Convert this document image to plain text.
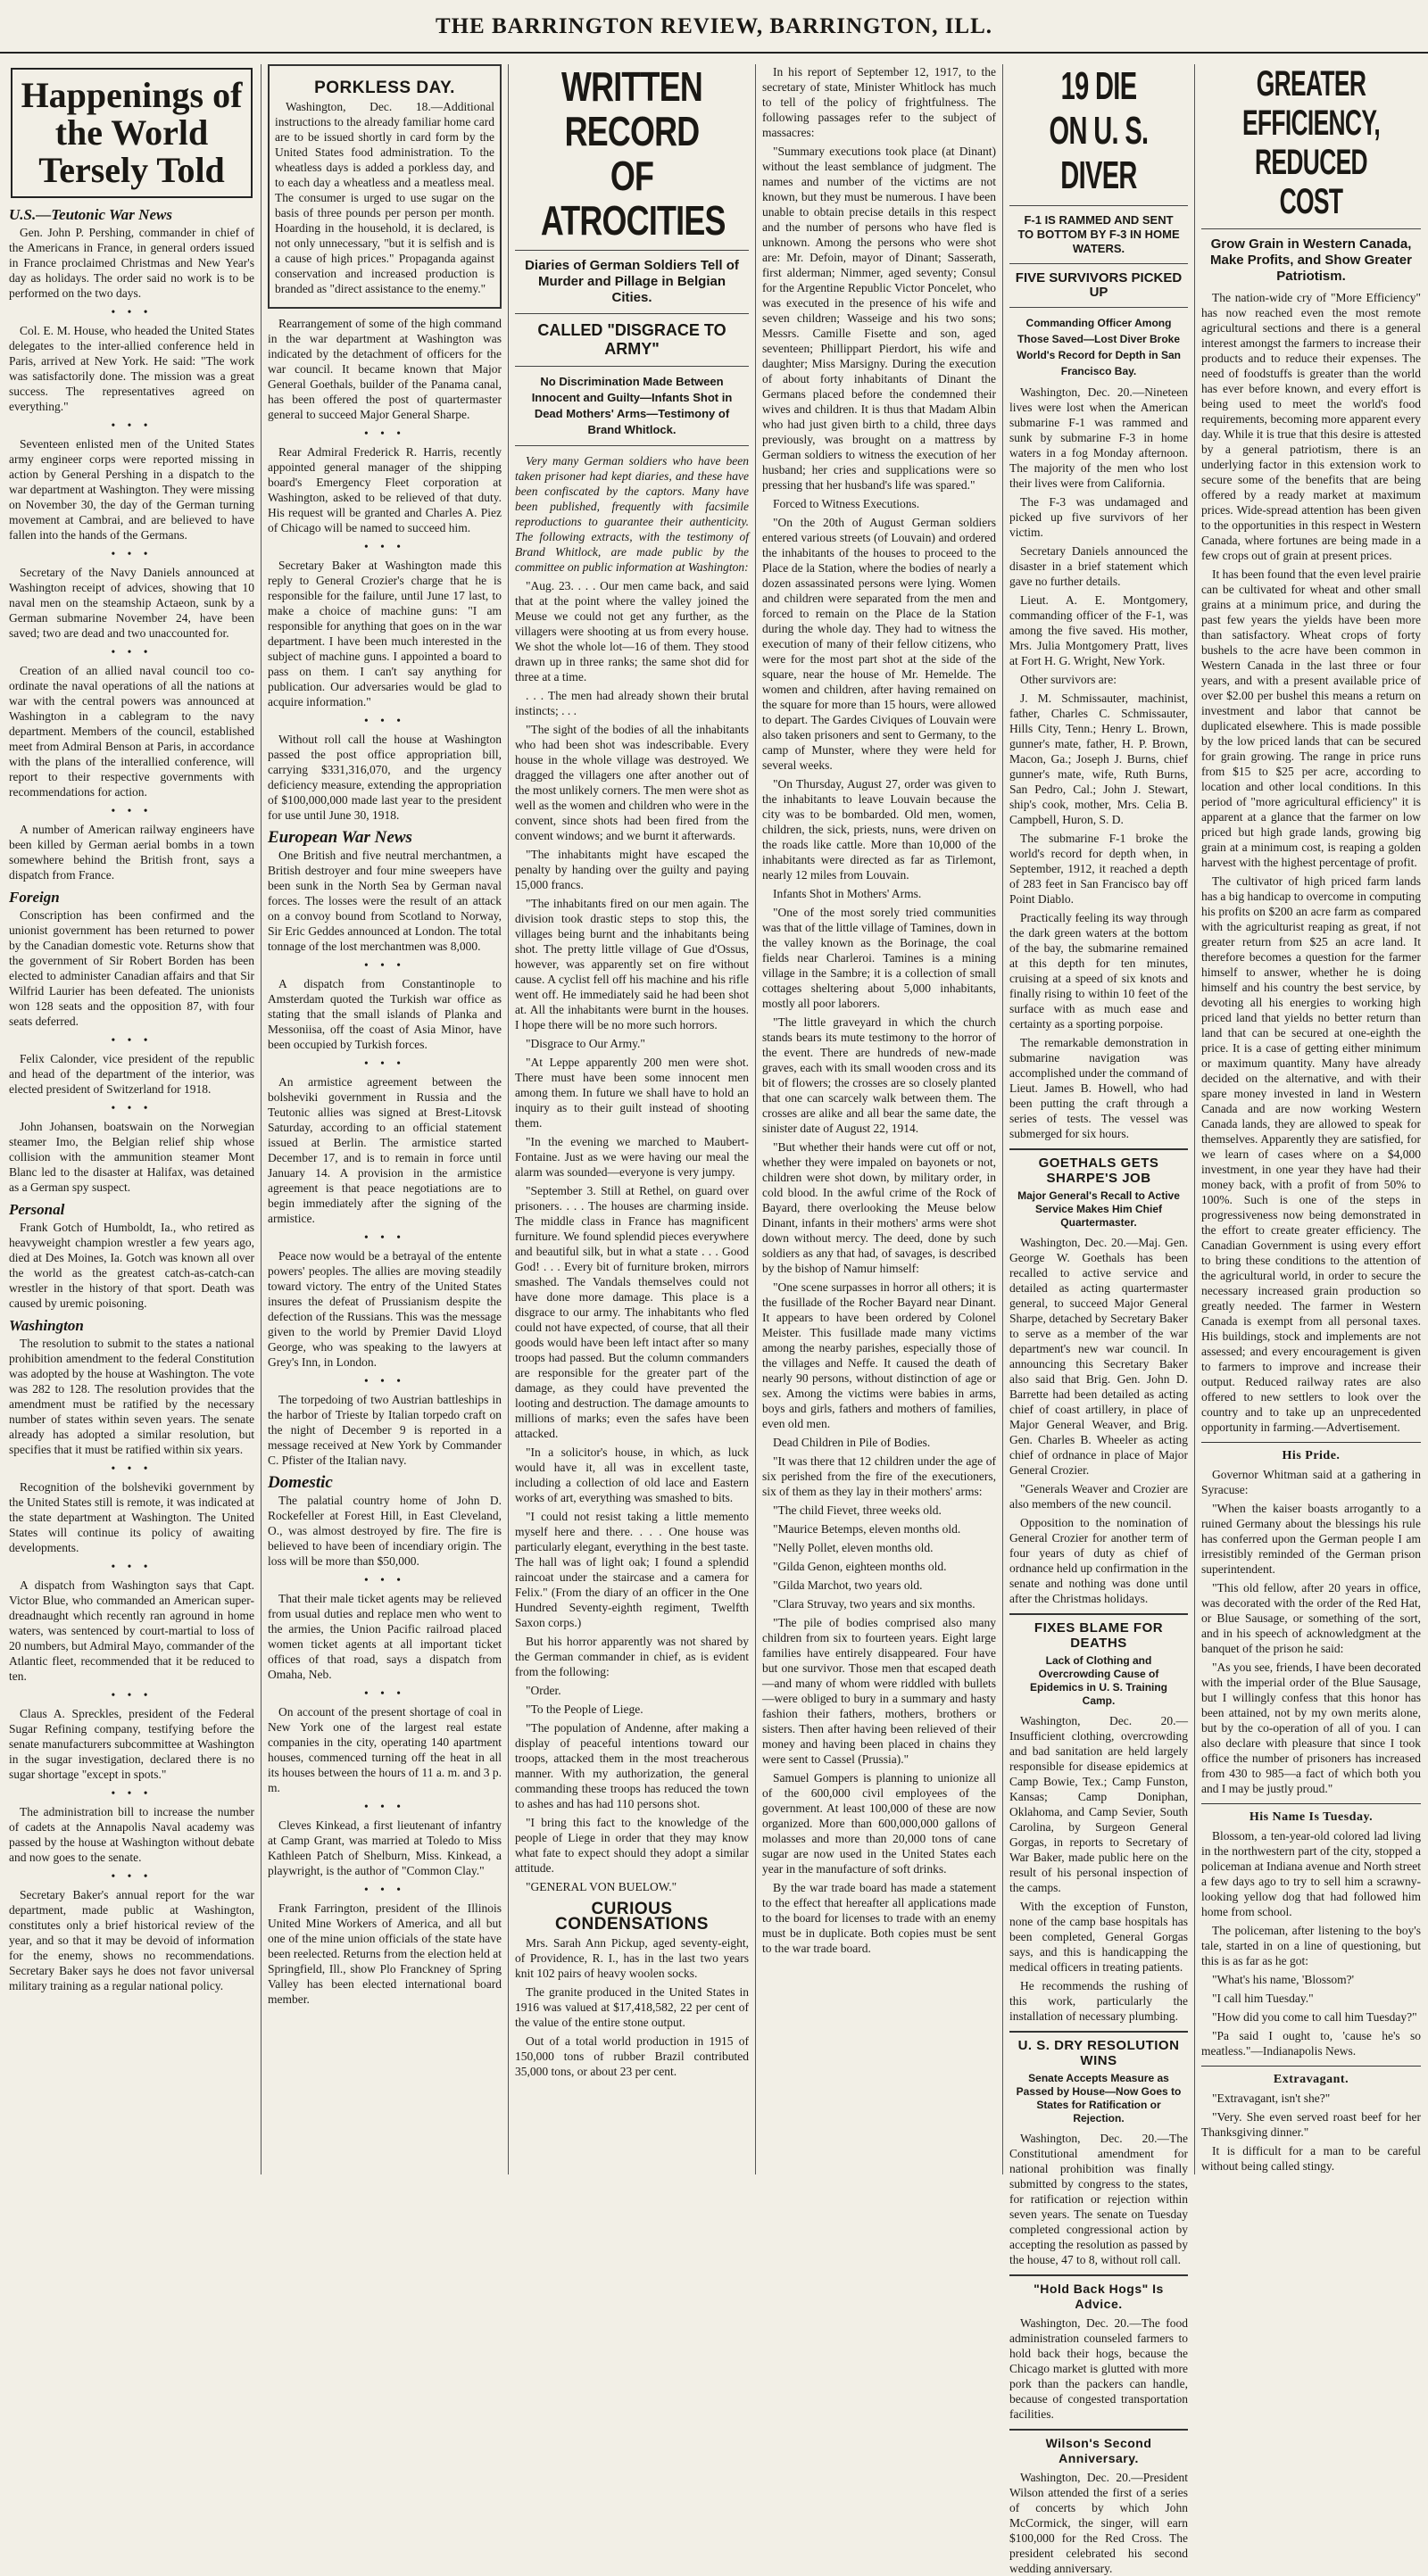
THE BARRINGTON REVIEW, BARRINGTON, ILL.
Happenings of the World Tersely Told
U.S.—Teutonic War News

Gen. John P. Pershing, commander in chief of the Americans in France, in general orders issued in France proclaimed Christmas and New Year's day as holidays. The order said no work is to be performed on the two days.

• • •

Col. E. M. House, who headed the United States delegates to the inter-allied conference held in Paris, arrived at New York. He said: "The work was satisfactorily done. The mission was a great success. The representatives agreed on everything."

• • •

Seventeen enlisted men of the United States army engineer corps were reported missing in action by General Pershing in a dispatch to the war department at Washington. They were missing on November 30, the day of the German turning movement at Cambrai, and are believed to have fallen into the hands of the Germans.

• • •

Secretary of the Navy Daniels announced at Washington receipt of advices, showing that 10 naval men on the steamship Actaeon, sunk by a German submarine November 24, have been saved; two are dead and two unaccounted for.

• • •

Creation of an allied naval council too co-ordinate the naval operations of all the nations at war with the central powers was announced at Washington in a cablegram to the navy department. Members of the council, established meet from Admiral Benson at Paris, in accordance with the plans of the interallied conference, will report to their respective governments with recommendations for action.

• • •

A number of American railway engineers have been killed by German aerial bombs in a town somewhere behind the British front, says a dispatch from France.

Foreign

Conscription has been confirmed and the unionist government has been returned to power by the Canadian domestic vote. Returns show that the government of Sir Robert Borden has been elected to administer Canadian affairs and that Sir Wilfrid Laurier has been defeated. The unionists won 128 seats and the opposition 87, with four seats deferred.

• • •

Felix Calonder, vice president of the republic and head of the department of the interior, was elected president of Switzerland for 1918.

• • •

John Johansen, boatswain on the Norwegian steamer Imo, the Belgian relief ship whose collision with the ammunition steamer Mont Blanc led to the disaster at Halifax, was detained as a German spy suspect.

Personal

Frank Gotch of Humboldt, Ia., who retired as heavyweight champion wrestler a few years ago, died at Des Moines, Ia. Gotch was known all over the world as the greatest catch-as-catch-can wrestler in the history of that sport. Death was caused by uremic poisoning.

Washington

The resolution to submit to the states a national prohibition amendment to the federal Constitution was adopted by the house at Washington. The vote was 282 to 128. The resolution provides that the amendment must be ratified by the necessary number of states within seven years. The senate already has adopted a similar resolution, but specifies that it must be ratified within six years.

• • •

Recognition of the bolsheviki government by the United States still is remote, it was indicated at the state department at Washington. The United States will continue its policy of awaiting developments.

• • •

A dispatch from Washington says that Capt. Victor Blue, who commanded an American super-dreadnaught which recently ran aground in home waters, was sentenced by court-martial to loss of 20 numbers, but Admiral Mayo, commander of the Atlantic fleet, recommended that it be reduced to ten.

• • •

Claus A. Spreckles, president of the Federal Sugar Refining company, testifying before the senate manufacturers subcommittee at Washington in the sugar investigation, declared there is no sugar shortage "except in spots."

• • •

The administration bill to increase the number of cadets at the Annapolis Naval academy was passed by the house at Washington without debate and now goes to the senate.

• • •

Secretary Baker's annual report for the war department, made public at Washington, constitutes only a brief historical review of the year, and so that it may be devoid of information for the enemy, shows no recommendations. Secretary Baker says he does not favor universal military training as a regular national policy.

PORKLESS DAY.

Washington, Dec. 18.—Additional instructions to the already familiar home card are to be issued shortly in card form by the United States food administration. To the wheatless days is added a porkless day, and to each day a wheatless and a meatless meal. The consumer is urged to use sugar on the basis of three pounds per person per month. Hoarding in the household, it is declared, is not only unnecessary, "but it is selfish and is a cause of high prices." Propaganda against conservation and increased production is branded as "direct assistance to the enemy."

Rearrangement of some of the high command in the war department at Washington was indicated by the detachment of officers for the war council. It became known that Major General Goethals, builder of the Panama canal, has been offered the post of quartermaster general to succeed Major General Sharpe.

• • •

Rear Admiral Frederick R. Harris, recently appointed general manager of the shipping board's Emergency Fleet corporation at Washington, asked to be relieved of that duty. His request will be granted and Charles A. Piez of Chicago will be named to succeed him.

• • •

Secretary Baker at Washington made this reply to General Crozier's charge that he is responsible for the failure, until June 17 last, to make a choice of machine guns: "I am responsible for anything that goes on in the war department. I have been much interested in the subject of machine guns. I appointed a board to pass on them. I can't say anything for publication. Our adversaries would be glad to acquire information."

• • •

Without roll call the house at Washington passed the post office appropriation bill, carrying $331,316,070, and the urgency deficiency measure, extending the appropriation of $100,000,000 made last year to the president for use until June 30, 1918.

European War News

One British and five neutral merchantmen, a British destroyer and four mine sweepers have been sunk in the North Sea by German naval forces. The losses were the result of an attack on a convoy bound from Scotland to Norway, Sir Eric Geddes announced at London. The total tonnage of the lost merchantmen was 8,000.

• • •

A dispatch from Constantinople to Amsterdam quoted the Turkish war office as stating that the small islands of Planka and Messoniisa, off the coast of Asia Minor, have been occupied by Turkish forces.

• • •

An armistice agreement between the bolsheviki government in Russia and the Teutonic allies was signed at Brest-Litovsk Saturday, according to an official statement issued at Berlin. The armistice started December 17, and is to remain in force until January 14. A provision in the armistice agreement is that peace negotiations are to begin immediately after the signing of the armistice.

• • •

Peace now would be a betrayal of the entente powers' peoples. The allies are moving steadily toward victory. The entry of the United States insures the defeat of Prussianism despite the defection of the Russians. This was the message given to the world by Premier David Lloyd George, who was speaking to the lawyers at Grey's Inn, in London.

• • •

The torpedoing of two Austrian battleships in the harbor of Trieste by Italian torpedo craft on the night of December 9 is reported in a message received at New York by Commander C. Pfister of the Italian navy.

Domestic

The palatial country home of John D. Rockefeller at Forest Hill, in East Cleveland, O., was almost destroyed by fire. The fire is believed to have been of incendiary origin. The loss will be more than $50,000.

• • •

That their male ticket agents may be relieved from usual duties and replace men who went to the armies, the Union Pacific railroad placed women ticket agents at all important ticket offices of that road, says a dispatch from Omaha, Neb.

• • •

On account of the present shortage of coal in New York one of the largest real estate companies in the city, operating 140 apartment houses, commenced turning off the heat in all its houses between the hours of 11 a. m. and 3 p. m.

• • •

Cleves Kinkead, a first lieutenant of infantry at Camp Grant, was married at Toledo to Miss Kathleen Patch of Shelburn, Miss. Kinkead, a playwright, is the author of "Common Clay."

• • •

Frank Farrington, president of the Illinois United Mine Workers of America, and all but one of the mine union officials of the state have been reelected. Returns from the election held at Springfield, Ill., show Plo Franckney of Spring Valley has been elected international board member.

WRITTEN RECORD OF ATROCITIES
Diaries of German Soldiers Tell of Murder and Pillage in Belgian Cities.
CALLED "DISGRACE TO ARMY"
No Discrimination Made Between Innocent and Guilty—Infants Shot in Dead Mothers' Arms—Testimony of Brand Whitlock.

Very many German soldiers who have been taken prisoner had kept diaries, and these have been confiscated by the captors. Many have been published, frequently with facsimile reproductions to guarantee their authenticity. The following extracts, with the testimony of Brand Whitlock, are made public by the committee on public information at Washington:

"Aug. 23. . . . Our men came back, and said that at the point where the valley joined the Meuse we could not get any further, as the villagers were shooting at us from every house. We shot the whole lot—16 of them. They stood drawn up in three ranks; the same shot did for three at a time.

. . . The men had already shown their brutal instincts; . . .

"The sight of the bodies of all the inhabitants who had been shot was indescribable. Every house in the whole village was destroyed. We dragged the villagers one after another out of the most unlikely corners. The men were shot as well as the women and children who were in the convent, since shots had been fired from the convent windows; and we burnt it afterwards.

"The inhabitants might have escaped the penalty by handing over the guilty and paying 15,000 francs.

"The inhabitants fired on our men again. The division took drastic steps to stop this, the villages being burnt and the inhabitants being shot. The pretty little village of Gue d'Ossus, however, was apparently set on fire without cause. A cyclist fell off his machine and his rifle went off. He immediately said he had been shot at. All the inhabitants were burnt in the houses. I hope there will be no more such horrors.

"Disgrace to Our Army."

"At Leppe apparently 200 men were shot. There must have been some innocent men among them. In future we shall have to hold an inquiry as to their guilt instead of shooting them.

"In the evening we marched to Maubert-Fontaine. Just as we were having our meal the alarm was sounded—everyone is very jumpy.

"September 3. Still at Rethel, on guard over prisoners. . . . The houses are charming inside. The middle class in France has magnificent furniture. We found splendid pieces everywhere and beautiful silk, but in what a state . . . Good God! . . . Every bit of furniture broken, mirrors smashed. The Vandals themselves could not have done more damage. This place is a disgrace to our army. The inhabitants who fled could not have expected, of course, that all their goods would have been left intact after so many troops had passed. But the column commanders are responsible for the greater part of the damage, as they could have prevented the looting and destruction. The damage amounts to millions of marks; even the safes have been attacked.

"In a solicitor's house, in which, as luck would have it, all was in excellent taste, including a collection of old lace and Eastern works of art, everything was smashed to bits.

"I could not resist taking a little memento myself here and there. . . . One house was particularly elegant, everything in the best taste. The hall was of light oak; I found a splendid raincoat under the staircase and a camera for Felix." (From the diary of an officer in the One Hundred Seventy-eighth regiment, Twelfth Saxon corps.)

But his horror apparently was not shared by the German commander in chief, as is evident from the following:

"Order.

"To the People of Liege.

"The population of Andenne, after making a display of peaceful intentions toward our troops, attacked them in the most treacherous manner. With my authorization, the general commanding these troops has reduced the town to ashes and has had 110 persons shot.

"I bring this fact to the knowledge of the people of Liege in order that they may know what fate to expect should they adopt a similar attitude.

"GENERAL VON BUELOW."

CURIOUS CONDENSATIONS

Mrs. Sarah Ann Pickup, aged seventy-eight, of Providence, R. I., has in the last two years knit 102 pairs of heavy woolen socks.

The granite produced in the United States in 1916 was valued at $17,418,582, 22 per cent of the value of the entire stone output.

Out of a total world production in 1915 of 150,000 tons of rubber Brazil contributed 35,000 tons, or about 23 per cent.

In his report of September 12, 1917, to the secretary of state, Minister Whitlock has much to tell of the policy of frightfulness. The following passages refer to the subject of massacres:

"Summary executions took place (at Dinant) without the least semblance of judgment. The names and number of the victims are not known, but they must be numerous. I have been unable to obtain precise details in this respect and the number of persons who have fled is unknown. Among the persons who were shot are: Mr. Defoin, mayor of Dinant; Sasserath, first alderman; Nimmer, aged seventy; Consul for the Argentine Republic Victor Poncelet, who was executed in the presence of his wife and seven children; Wasseige and his two sons; Messrs. Camille Fisette and son, aged seventeen; Phillippart Pierdort, his wife and daughter; Miss Marsigny. During the execution of about forty inhabitants of Dinant the Germans placed before the condemned their wives and children. It is thus that Madam Albin who had just given birth to a child, three days previously, was brought on a mattress by German soldiers to witness the execution of her husband; her cries and supplications were so pressing that her husband's life was spared."

Forced to Witness Executions.

"On the 20th of August German soldiers entered various streets (of Louvain) and ordered the inhabitants of the houses to proceed to the Place de la Station, where the bodies of nearly a dozen assassinated persons were lying. Women and children were separated from the men and forced to remain on the Place de la Station during the whole day. They had to witness the execution of many of their fellow citizens, who were for the most part shot at the side of the square, near the house of Mr. Hemelde. The women and children, after having remained on the square for more than 15 hours, were allowed to depart. The Gardes Civiques of Louvain were also taken prisoners and sent to Germany, to the camp of Munster, where they were held for several weeks.

"On Thursday, August 27, order was given to the inhabitants to leave Louvain because the city was to be bombarded. Old men, women, children, the sick, priests, nuns, were driven on the roads like cattle. More than 10,000 of the inhabitants were directed as far as Tirlemont, nearly 12 miles from Louvain.

Infants Shot in Mothers' Arms.

"One of the most sorely tried communities was that of the little village of Tamines, down in the valley known as the Borinage, the coal fields near Charleroi. Tamines is a mining village in the Sambre; it is a collection of small cottages sheltering about 5,000 inhabitants, mostly all poor laborers.

"The little graveyard in which the church stands bears its mute testimony to the horror of the event. There are hundreds of new-made graves, each with its small wooden cross and its bit of flowers; the crosses are so closely planted that one can scarcely walk between them. The crosses are alike and all bear the same date, the sinister date of August 22, 1914.

"But whether their hands were cut off or not, whether they were impaled on bayonets or not, children were shot down, by military order, in cold blood. In the awful crime of the Rock of Bayard, there overlooking the Meuse below Dinant, infants in their mothers' arms were shot down without mercy. The deed, done by such soldiers as any that had, of savages, is described by the bishop of Namur himself:

"One scene surpasses in horror all others; it is the fusillade of the Rocher Bayard near Dinant. It appears to have been ordered by Colonel Meister. This fusillade made many victims among the nearby parishes, especially those of the villages and Neffe. It caused the death of nearly 90 persons, without distinction of age or sex. Among the victims were babies in arms, boys and girls, fathers and mothers of families, even old men.

Dead Children in Pile of Bodies.

"It was there that 12 children under the age of six perished from the fire of the executioners, six of them as they lay in their mothers' arms:

"The child Fievet, three weeks old.

"Maurice Betemps, eleven months old.

"Nelly Pollet, eleven months old.

"Gilda Genon, eighteen months old.

"Gilda Marchot, two years old.

"Clara Struvay, two years and six months.

"The pile of bodies comprised also many children from six to fourteen years. Eight large families have entirely disappeared. Four have but one survivor. Those men that escaped death—and many of whom were riddled with bullets—were obliged to bury in a summary and hasty fashion their fathers, mothers, brothers or sisters. Then after having been relieved of their money and having been placed in chains they were sent to Cassel (Prussia)."

Samuel Gompers is planning to unionize all of the 600,000 civil employees of the government. At least 100,000 of these are now organized. More than 600,000,000 gallons of molasses and more than 20,000 tons of cane sugar are now used in the United States each year in the manufacture of soft drinks.

By the war trade board has made a statement to the effect that hereafter all applications made to the board for licenses to trade with an enemy must be in duplicate. Both copies must be sent to the war trade board.

19 DIE ON U. S. DIVER
F-1 IS RAMMED AND SENT TO BOTTOM BY F-3 IN HOME WATERS.
FIVE SURVIVORS PICKED UP
Commanding Officer Among Those Saved—Lost Diver Broke World's Record for Depth in San Francisco Bay.

Washington, Dec. 20.—Nineteen lives were lost when the American submarine F-1 was rammed and sunk by submarine F-3 in home waters in a fog Monday afternoon. The majority of the men who lost their lives were from California.

The F-3 was undamaged and picked up five survivors of her victim.

Secretary Daniels announced the disaster in a brief statement which gave no further details.

Lieut. A. E. Montgomery, commanding officer of the F-1, was among the five saved. His mother, Mrs. Julia Montgomery Pratt, lives at Fort H. G. Wright, New York.

Other survivors are:

J. M. Schmissauter, machinist, father, Charles C. Schmissauter, Hills City, Tenn.; Henry L. Brown, gunner's mate, father, H. P. Brown, Macon, Ga.; Joseph J. Burns, chief gunner's mate, wife, Ruth Burns, San Pedro, Cal.; John J. Stewart, ship's cook, mother, Mrs. Celia B. Campbell, Huron, S. D.

The submarine F-1 broke the world's record for depth when, in September, 1912, it reached a depth of 283 feet in San Francisco bay off Point Diablo.

Practically feeling its way through the dark green waters at the bottom of the bay, the submarine remained at this depth for ten minutes, cruising at a speed of six knots and finally rising to within 10 feet of the surface with as much ease and certainty as a sporting porpoise.

The remarkable demonstration in submarine navigation was accomplished under the command of Lieut. James B. Howell, who had been putting the craft through a series of tests. The vessel was submerged for six hours.

GOETHALS GETS SHARPE'S JOB
Major General's Recall to Active Service Makes Him Chief Quartermaster.

Washington, Dec. 20.—Maj. Gen. George W. Goethals has been recalled to active service and detailed as acting quartermaster general, to succeed Major General Sharpe, detached by Secretary Baker to serve as a member of the war department's new war council. In announcing this Secretary Baker also said that Brig. Gen. John D. Barrette had been detailed as acting chief of coast artillery, in place of Major General Weaver, and Brig. Gen. Charles B. Wheeler as acting chief of ordnance in place of Major General Crozier.

"Generals Weaver and Crozier are also members of the new council.

Opposition to the nomination of General Crozier for another term of four years of duty as chief of ordnance held up confirmation in the senate and nothing was done until after the Christmas holidays.

FIXES BLAME FOR DEATHS
Lack of Clothing and Overcrowding Cause of Epidemics in U. S. Training Camp.

Washington, Dec. 20.—Insufficient clothing, overcrowding and bad sanitation are held largely responsible for disease epidemics at Camp Bowie, Tex.; Camp Funston, Kansas; Camp Doniphan, Oklahoma, and Camp Sevier, South Carolina, by Surgeon General Gorgas, in reports to Secretary of War Baker, made public here on the result of his personal inspection of the camps.

With the exception of Funston, none of the camp base hospitals has been completed, General Gorgas says, and this is handicapping the medical officers in treating patients.

He recommends the rushing of this work, particularly the installation of necessary plumbing.

U. S. DRY RESOLUTION WINS
Senate Accepts Measure as Passed by House—Now Goes to States for Ratification or Rejection.

Washington, Dec. 20.—The Constitutional amendment for national prohibition was finally submitted by congress to the states, for ratification or rejection within seven years. The senate on Tuesday completed congressional action by accepting the resolution as passed by the house, 47 to 8, without roll call.

"Hold Back Hogs" Is Advice.

Washington, Dec. 20.—The food administration counseled farmers to hold back their hogs, because the Chicago market is glutted with more pork than the packers can handle, because of congested transportation facilities.

Wilson's Second Anniversary.

Washington, Dec. 20.—President Wilson attended the first of a series of concerts by which John McCormick, the singer, will earn $100,000 for the Red Cross. The president celebrated his second wedding anniversary.

GREATER EFFICIENCY, REDUCED COST
Grow Grain in Western Canada, Make Profits, and Show Greater Patriotism.

The nation-wide cry of "More Efficiency" has now reached even the most remote agricultural sections and there is a general interest amongst the farmers to increase their products and to reduce their expenses. The need of foodstuffs is greater than the world has ever before known, and every effort is being used to meet the world's food requirements, becoming more apparent every day. While it is true that this desire is attested by a general patriotism, there is an underlying factor in this extension work to secure some of the benefits that are being offered by a ready market at maximum prices. Wide-spread attention has been given to the opportunities in this respect in Western Canada, where fortunes are being made in a few crops out of grain at present prices.

It has been found that the even level prairie can be cultivated for wheat and other small grains at a minimum price, and during the past few years the yields have been more than satisfactory. Wheat crops of forty bushels to the acre have been common in Western Canada in the last three or four years, and with a present available price of over $2.00 per bushel this means a return on investment and labor that cannot be duplicated elsewhere. This is made possible by the low priced lands that can be secured for grain growing. The range in price runs from $15 to $25 per acre, according to location and other local conditions. In this period of "more agricultural efficiency" it is apparent at a glance that the farmer on low priced but high grade lands, growing big grain at a minimum cost, is reaping a golden harvest with the highest percentage of profit.

The cultivator of high priced farm lands has a big handicap to overcome in computing his profits on $200 an acre farm as compared with the agriculturist reaping as great, if not greater return from $25 an acre land. It therefore becomes a question for the farmer himself to answer, whether he is doing himself and his country the best service, by devoting all his energies to working high priced land that yields no better return than land that can be secured at one-eighth the price. It is a case of getting either minimum or maximum quantity. Many have already decided on the alternative, and with their spare money invested in land in Western Canada and are now working Western Canada lands, they are allowed to speak for themselves. Apparently they are satisfied, for we learn of cases where on a $4,000 investment, in one year they have had their money back, with a profit of from 50% to 100%. Such is one of the steps in progressiveness now being demonstrated in the effort to create greater efficiency. The Canadian Government is using every effort to bring these conditions to the attention of the agricultural world, in order to secure the necessary increased grain production so greatly needed. The farmer in Western Canada is exempt from all personal taxes. His buildings, stock and implements are not assessed; and every encouragement is given to farmers to improve and increase their output. Reduced railway rates are also offered to new settlers to look over the country and to take up an unprecedented opportunity in farming.—Advertisement.

His Pride.

Governor Whitman said at a gathering in Syracuse:

"When the kaiser boasts arrogantly to a ruined Germany about the blessings his rule has conferred upon the German people I am irresistibly reminded of the German prison superintendent.

"This old fellow, after 20 years in office, was decorated with the order of the Red Hat, or Blue Sausage, or something of the sort, and in his speech of acknowledgment at the banquet of the prison he said:

"As you see, friends, I have been decorated with the imperial order of the Blue Sausage, but I willingly confess that this honor has been attained, not by my own merits alone, but by the co-operation of all of you. I can also declare with pleasure that since I took office the number of prisoners has increased from 430 to 985—a fact of which both you and I may be justly proud."

His Name Is Tuesday.

Blossom, a ten-year-old colored lad living in the northwestern part of the city, stopped a policeman at Indiana avenue and North street a few days ago to try to sell him a scrawny-looking yellow dog that had followed him home from school.

The policeman, after listening to the boy's tale, started in on a line of questioning, but this is as far as he got:

"What's his name, 'Blossom?'

"I call him Tuesday."

"How did you come to call him Tuesday?"

"Pa said I ought to, 'cause he's so meatless."—Indianapolis News.

Extravagant.

"Extravagant, isn't she?"

"Very. She even served roast beef for her Thanksgiving dinner."

It is difficult for a man to be careful without being called stingy.
